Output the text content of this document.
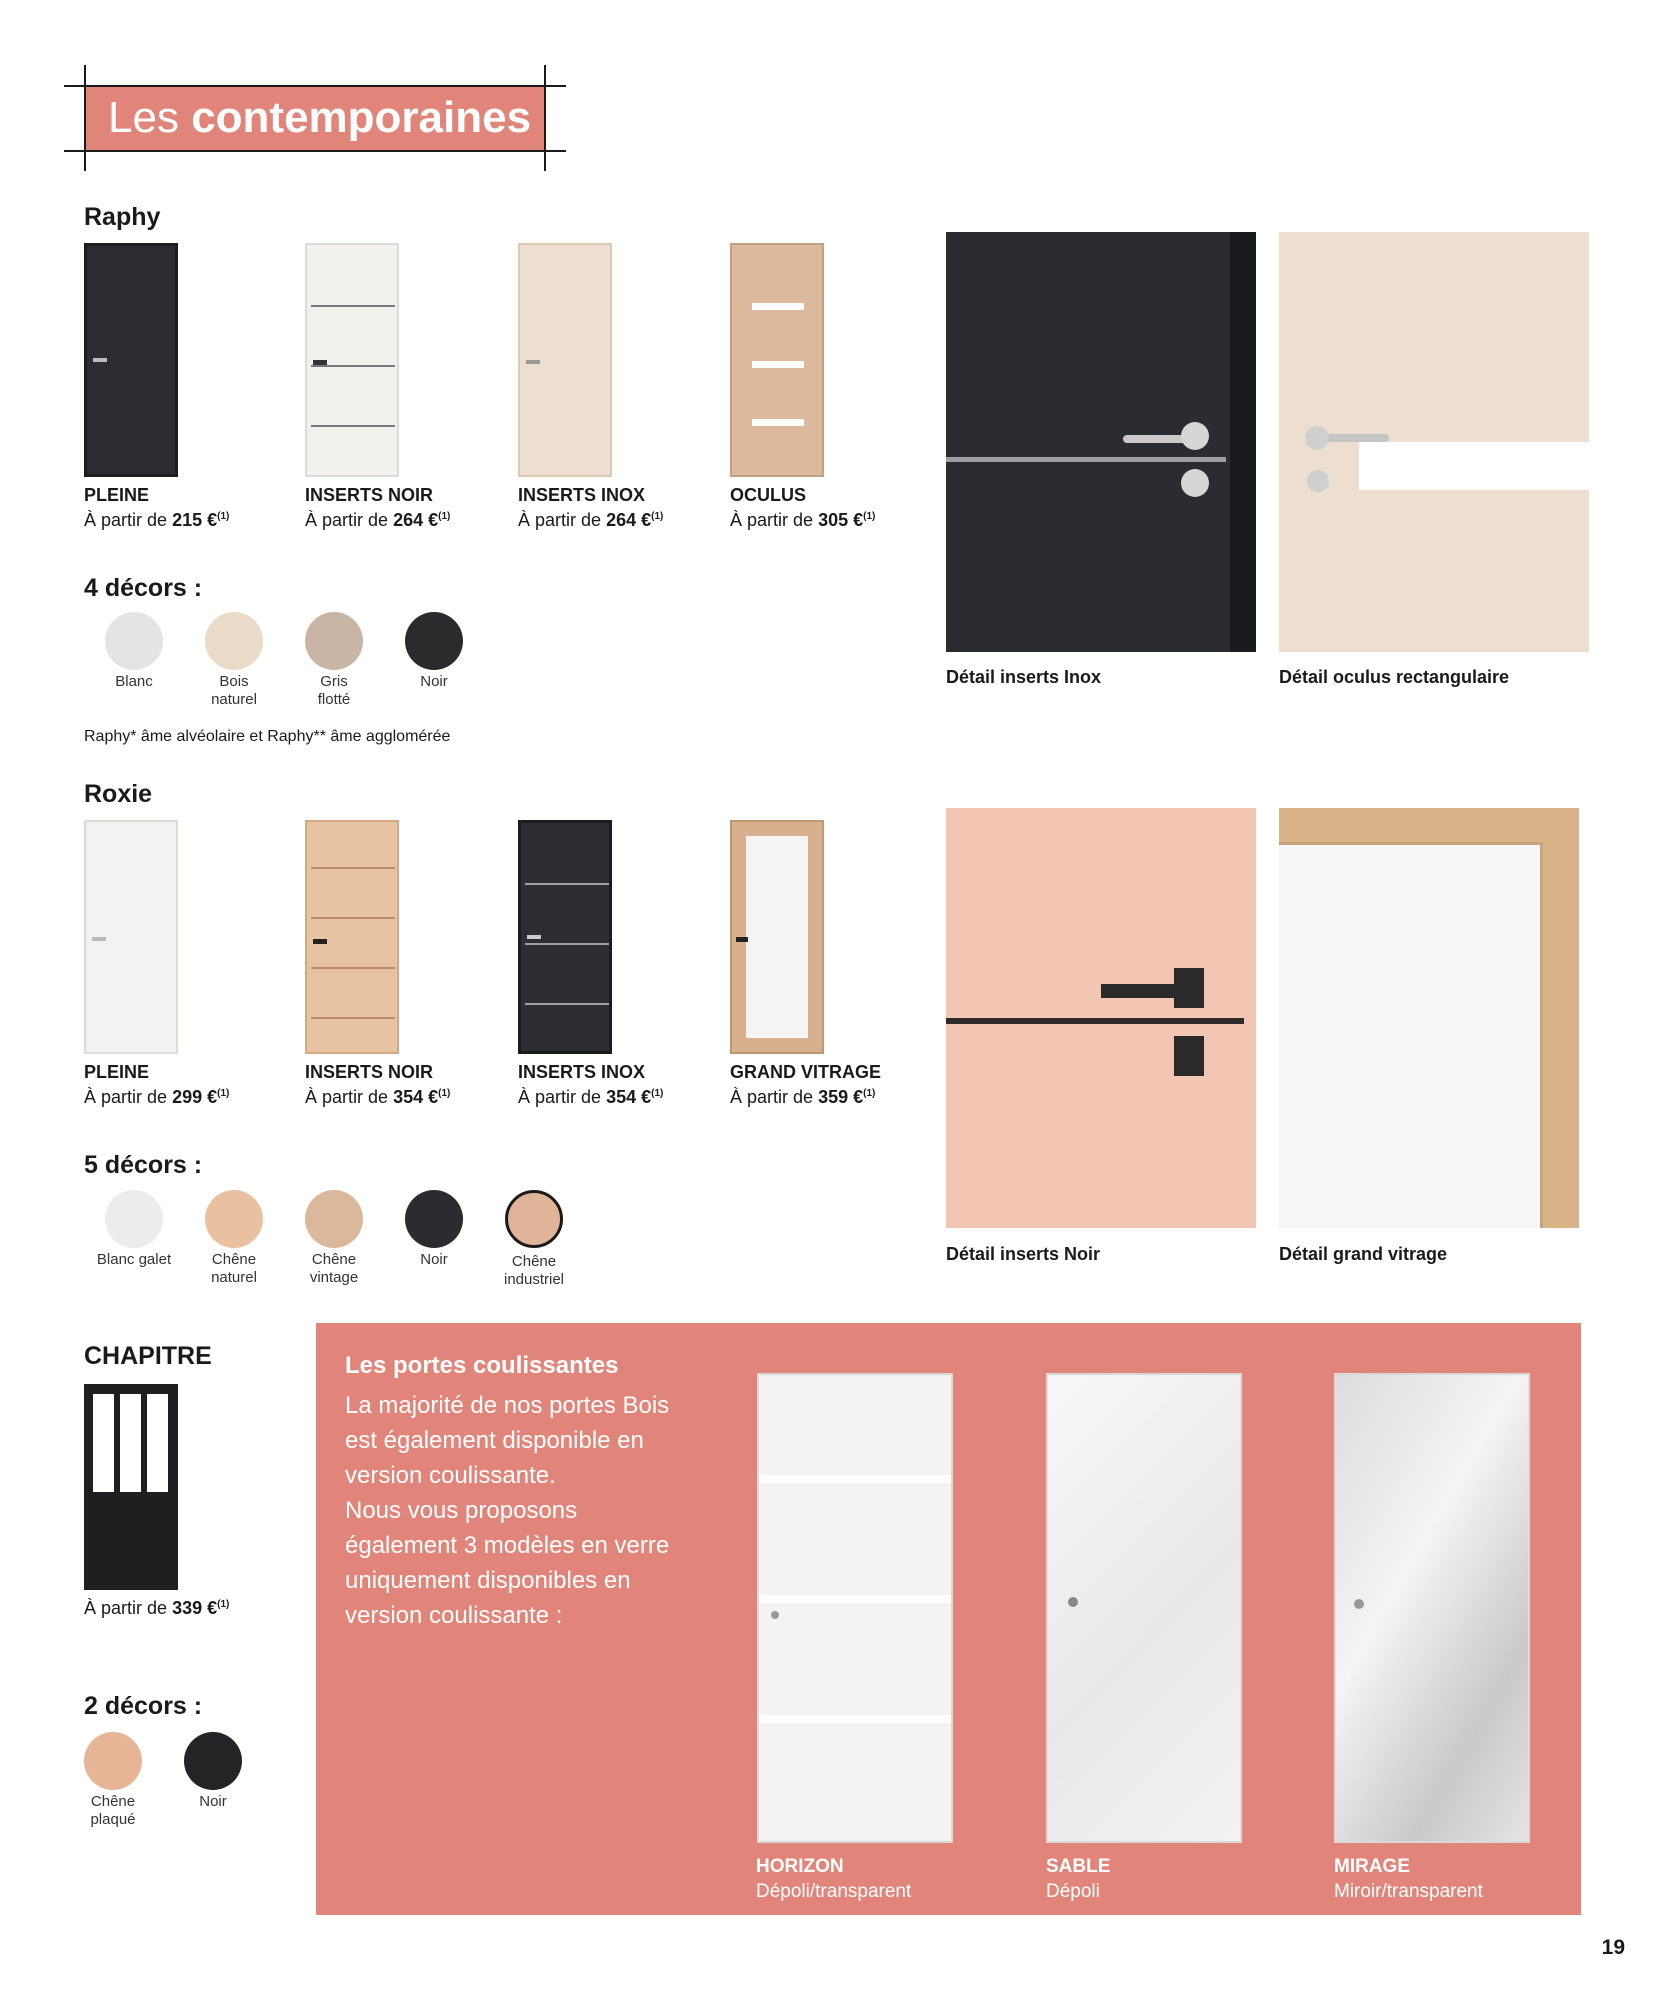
Les contemporaines
Raphy
PLEINE
À partir de 215 €$^{(1)}$
INSERTS NOIR
À partir de 264 €$^{(1)}$
INSERTS INOX
À partir de 264 €$^{(1)}$
OCULUS
À partir de 305 €$^{(1)}$
4 décors :
Blanc	Bois
naturel
Gris
flotté
Noir

Raphy* âme alvéolaire et Raphy** âme agglomérée
Détail inserts Inox	Détail oculus rectangulaire
Roxie
PLEINE
À partir de 299 €$^{(1)}$
INSERTS NOIR
À partir de 354 €$^{(1)}$
INSERTS INOX
À partir de 354 €$^{(1)}$
GRAND VITRAGE
À partir de 359 €$^{(1)}$
5 décors :
Blanc galet	Chêne
naturel
Chêne
vintage
Noir	Chêne
industriel
Détail inserts Noir	Détail grand vitrage
CHAPITRE
À partir de 339 €$^{(1)}$
2 décors :
Chêne
plaqué
Noir

Les portes coulissantes
La majorité de nos portes Bois
est également disponible en
version coulissante.
Nous vous proposons
également 3 modèles en verre
uniquement disponibles en
version coulissante :
HORIZON
Dépoli/transparent
SABLE
Dépoli
MIRAGE
Miroir/transparent
19
